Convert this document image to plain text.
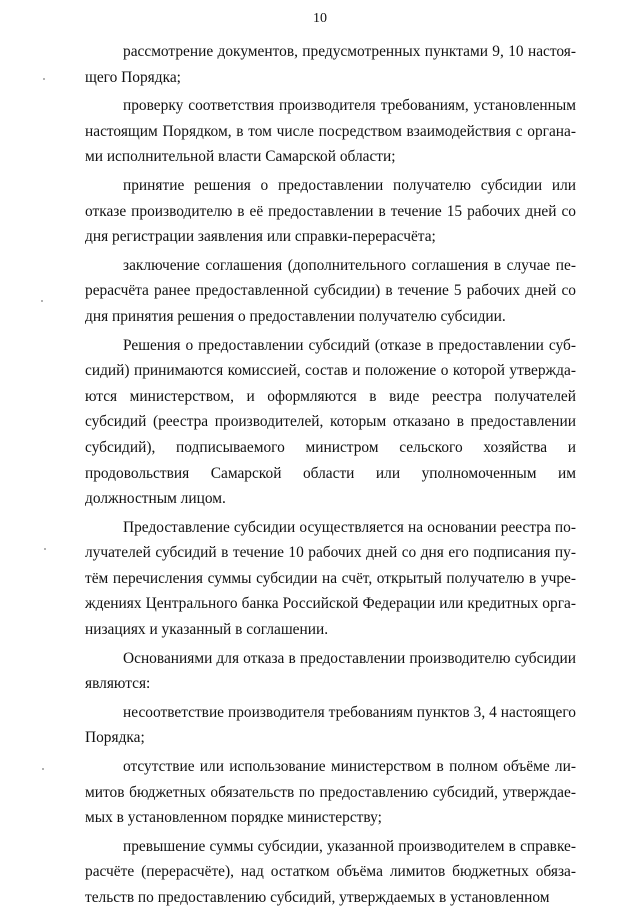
10

рассмотрение документов, предусмотренных пунктами 9, 10 настоящего Порядка;

проверку соответствия производителя требованиям, установленным настоящим Порядком, в том числе посредством взаимодействия с органами исполнительной власти Самарской области;

принятие решения о предоставлении получателю субсидии или отказе производителю в её предоставлении в течение 15 рабочих дней со дня регистрации заявления или справки-перерасчёта;

заключение соглашения (дополнительного соглашения в случае перерасчёта ранее предоставленной субсидии) в течение 5 рабочих дней со дня принятия решения о предоставлении получателю субсидии.

Решения о предоставлении субсидий (отказе в предоставлении субсидий) принимаются комиссией, состав и положение о которой утверждаются министерством, и оформляются в виде реестра получателей субсидий (реестра производителей, которым отказано в предоставлении субсидий), подписываемого министром сельского хозяйства и продовольствия Самарской области или уполномоченным им должностным лицом.

Предоставление субсидии осуществляется на основании реестра получателей субсидий в течение 10 рабочих дней со дня его подписания путём перечисления суммы субсидии на счёт, открытый получателю в учреждениях Центрального банка Российской Федерации или кредитных организациях и указанный в соглашении.

Основаниями для отказа в предоставлении производителю субсидии являются:

несоответствие производителя требованиям пунктов 3, 4 настоящего Порядка;

отсутствие или использование министерством в полном объёме лимитов бюджетных обязательств по предоставлению субсидий, утверждаемых в установленном порядке министерству;

превышение суммы субсидии, указанной производителем в справке-расчёте (перерасчёте), над остатком объёма лимитов бюджетных обязательств по предоставлению субсидий, утверждаемых в установленном
